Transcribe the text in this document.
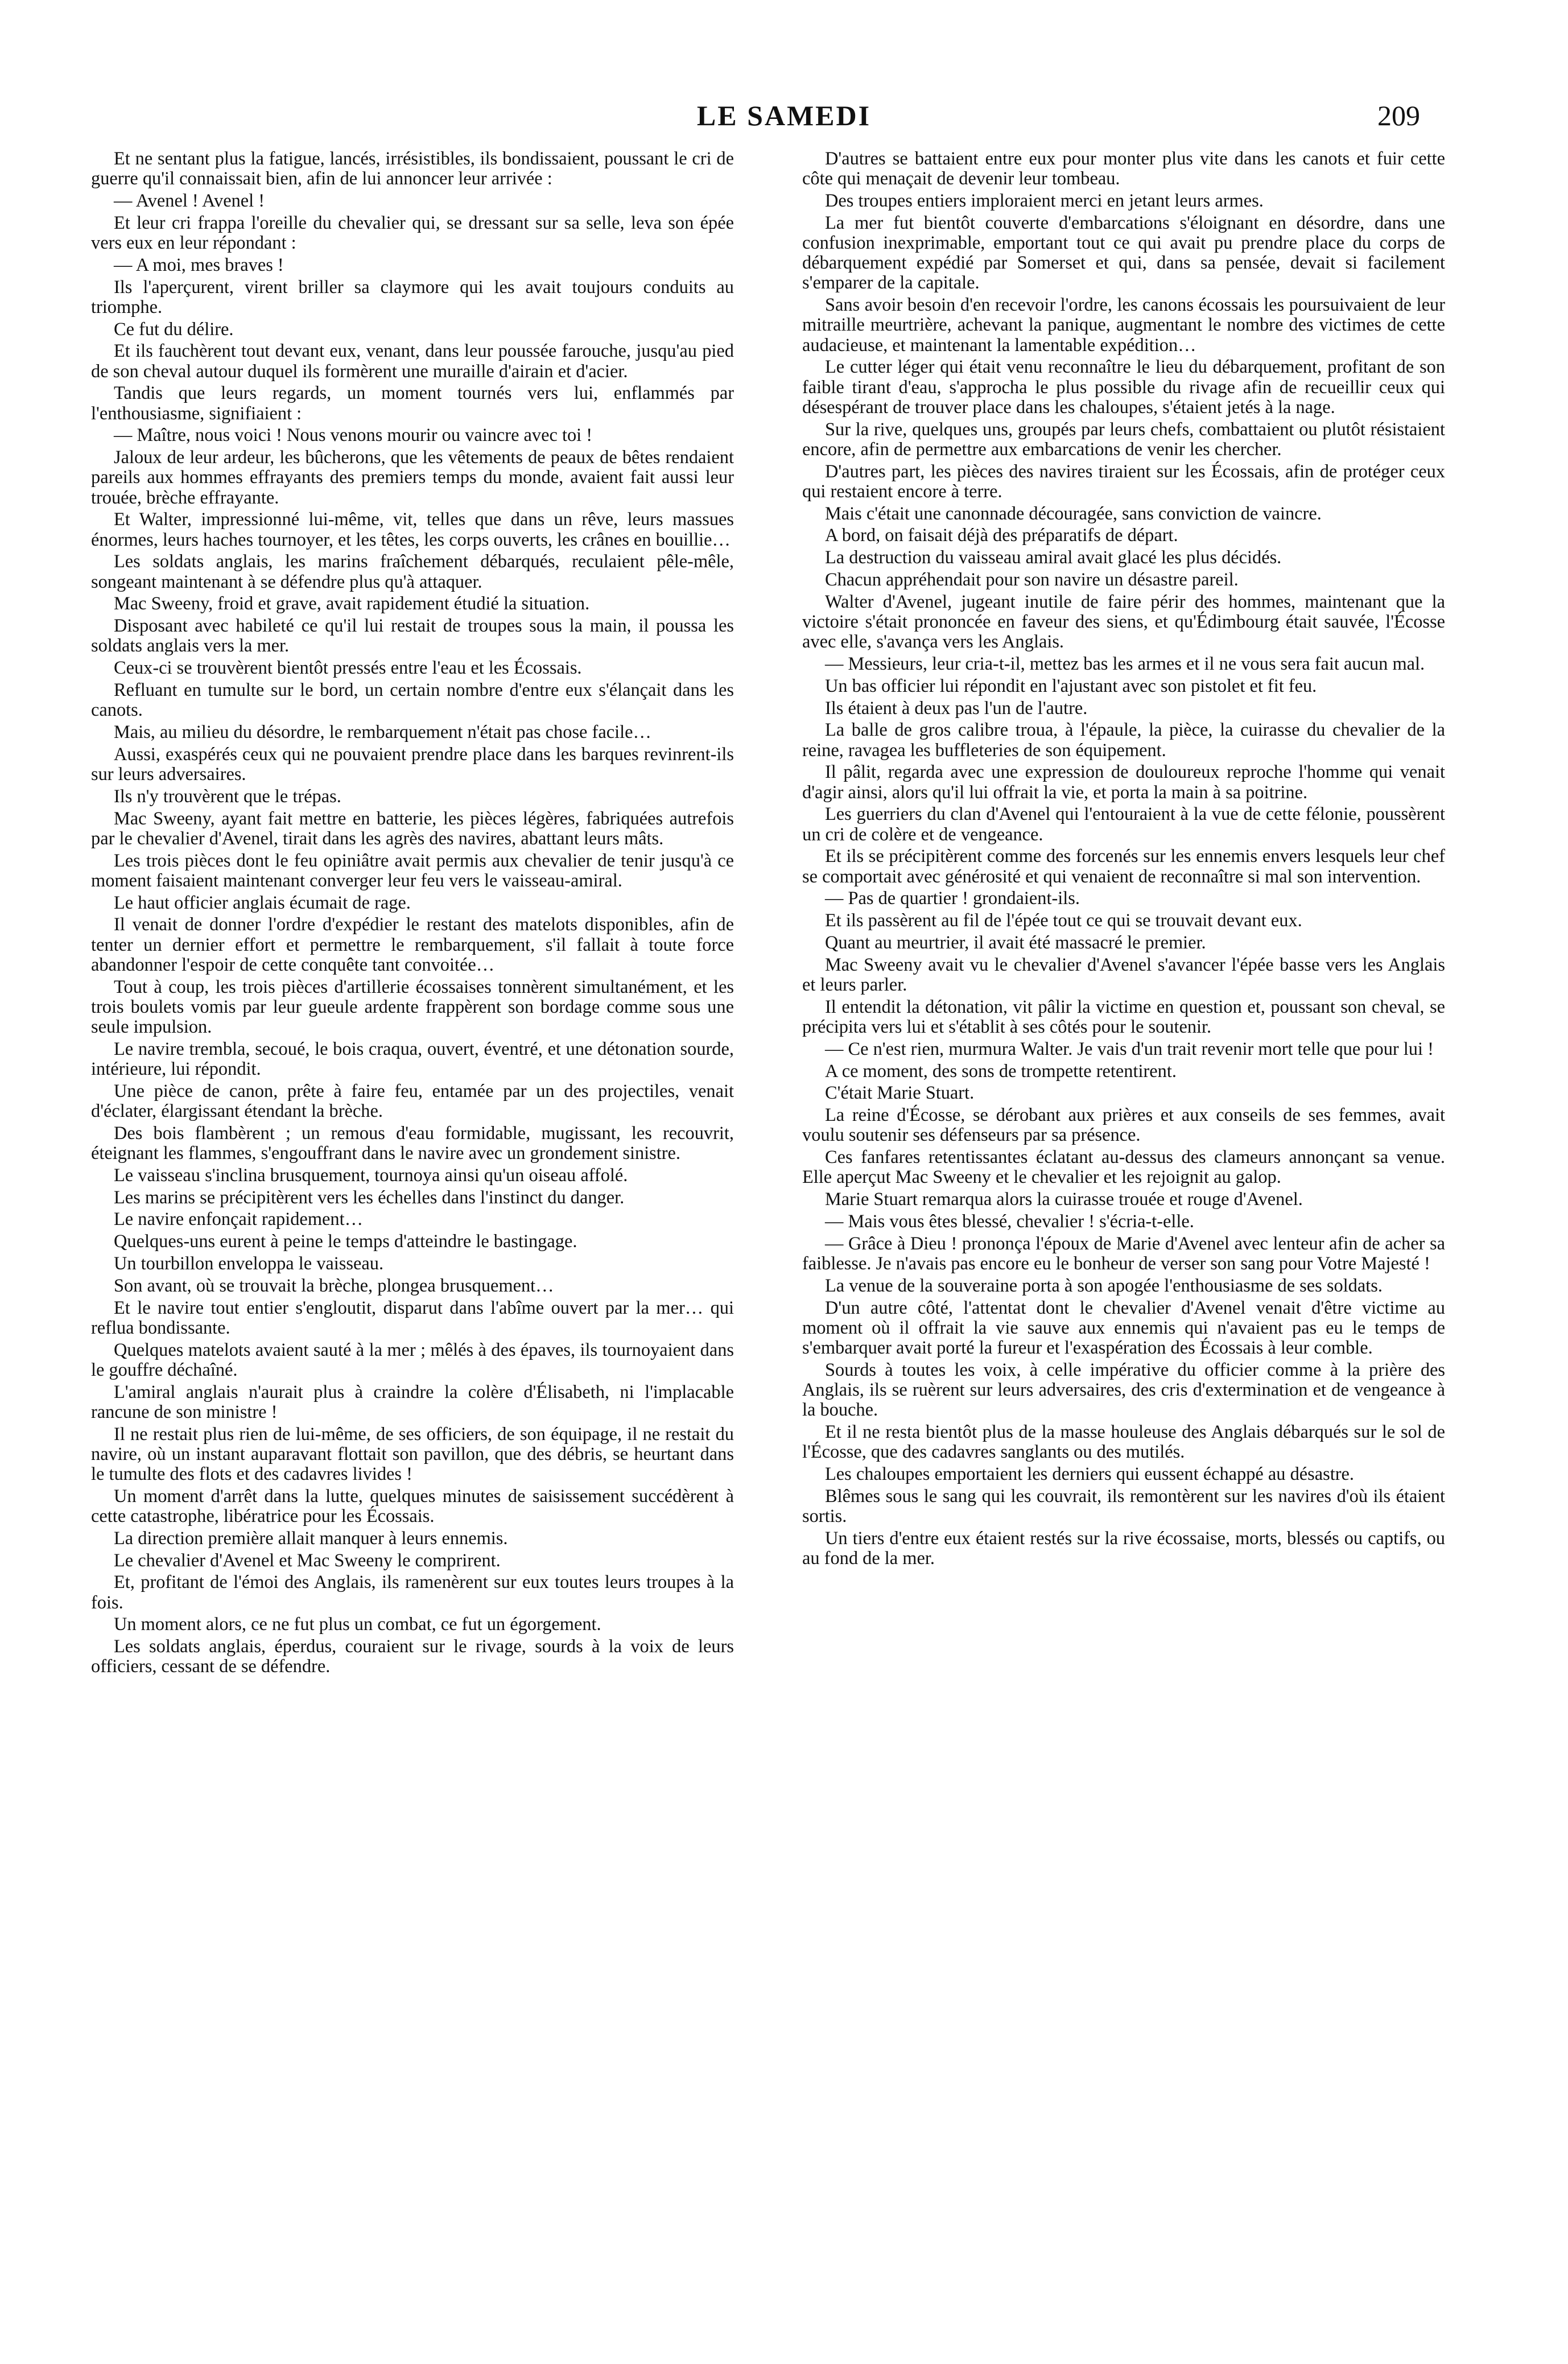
LE SAMEDI	209

Et ne sentant plus la fatigue, lancés, irrésistibles, ils bondissaient, poussant le cri de guerre qu'il connaissait bien, afin de lui annoncer leur arrivée :

— Avenel ! Avenel !

Et leur cri frappa l'oreille du chevalier qui, se dressant sur sa selle, leva son épée vers eux en leur répondant :

— A moi, mes braves !

Ils l'aperçurent, virent briller sa claymore qui les avait toujours conduits au triomphe.

Ce fut du délire.

Et ils fauchèrent tout devant eux, venant, dans leur poussée farouche, jusqu'au pied de son cheval autour duquel ils formèrent une muraille d'airain et d'acier.

Tandis que leurs regards, un moment tournés vers lui, enflammés par l'enthousiasme, signifiaient :

— Maître, nous voici ! Nous venons mourir ou vaincre avec toi !

Jaloux de leur ardeur, les bûcherons, que les vêtements de peaux de bêtes rendaient pareils aux hommes effrayants des premiers temps du monde, avaient fait aussi leur trouée, brèche effrayante.

Et Walter, impressionné lui-même, vit, telles que dans un rêve, leurs massues énormes, leurs haches tournoyer, et les têtes, les corps ouverts, les crânes en bouillie…

Les soldats anglais, les marins fraîchement débarqués, reculaient pêle-mêle, songeant maintenant à se défendre plus qu'à attaquer.

Mac Sweeny, froid et grave, avait rapidement étudié la situation.

Disposant avec habileté ce qu'il lui restait de troupes sous la main, il poussa les soldats anglais vers la mer.

Ceux-ci se trouvèrent bientôt pressés entre l'eau et les Écossais.

Refluant en tumulte sur le bord, un certain nombre d'entre eux s'élançait dans les canots.

Mais, au milieu du désordre, le rembarquement n'était pas chose facile…

Aussi, exaspérés ceux qui ne pouvaient prendre place dans les barques revinrent-ils sur leurs adversaires.

Ils n'y trouvèrent que le trépas.

Mac Sweeny, ayant fait mettre en batterie, les pièces légères, fabriquées autrefois par le chevalier d'Avenel, tirait dans les agrès des navires, abattant leurs mâts.

Les trois pièces dont le feu opiniâtre avait permis aux chevalier de tenir jusqu'à ce moment faisaient maintenant converger leur feu vers le vaisseau-amiral.

Le haut officier anglais écumait de rage.

Il venait de donner l'ordre d'expédier le restant des matelots disponibles, afin de tenter un dernier effort et permettre le rembarquement, s'il fallait à toute force abandonner l'espoir de cette conquête tant convoitée…

Tout à coup, les trois pièces d'artillerie écossaises tonnèrent simultanément, et les trois boulets vomis par leur gueule ardente frappèrent son bordage comme sous une seule impulsion.

Le navire trembla, secoué, le bois craqua, ouvert, éventré, et une détonation sourde, intérieure, lui répondit.

Une pièce de canon, prête à faire feu, entamée par un des projectiles, venait d'éclater, élargissant étendant la brèche.

Des bois flambèrent ; un remous d'eau formidable, mugissant, les recouvrit, éteignant les flammes, s'engouffrant dans le navire avec un grondement sinistre.

Le vaisseau s'inclina brusquement, tournoya ainsi qu'un oiseau affolé.

Les marins se précipitèrent vers les échelles dans l'instinct du danger.

Le navire enfonçait rapidement…

Quelques-uns eurent à peine le temps d'atteindre le bastingage.

Un tourbillon enveloppa le vaisseau.

Son avant, où se trouvait la brèche, plongea brusquement…

Et le navire tout entier s'engloutit, disparut dans l'abîme ouvert par la mer… qui reflua bondissante.

Quelques matelots avaient sauté à la mer ; mêlés à des épaves, ils tournoyaient dans le gouffre déchaîné.

L'amiral anglais n'aurait plus à craindre la colère d'Élisabeth, ni l'implacable rancune de son ministre !

Il ne restait plus rien de lui-même, de ses officiers, de son équipage, il ne restait du navire, où un instant auparavant flottait son pavillon, que des débris, se heurtant dans le tumulte des flots et des cadavres livides !

Un moment d'arrêt dans la lutte, quelques minutes de saisissement succédèrent à cette catastrophe, libératrice pour les Écossais.

La direction première allait manquer à leurs ennemis.

Le chevalier d'Avenel et Mac Sweeny le comprirent.

Et, profitant de l'émoi des Anglais, ils ramenèrent sur eux toutes leurs troupes à la fois.

Un moment alors, ce ne fut plus un combat, ce fut un égorgement.

Les soldats anglais, éperdus, couraient sur le rivage, sourds à la voix de leurs officiers, cessant de se défendre.

D'autres se battaient entre eux pour monter plus vite dans les canots et fuir cette côte qui menaçait de devenir leur tombeau.

Des troupes entiers imploraient merci en jetant leurs armes.

La mer fut bientôt couverte d'embarcations s'éloignant en désordre, dans une confusion inexprimable, emportant tout ce qui avait pu prendre place du corps de débarquement expédié par Somerset et qui, dans sa pensée, devait si facilement s'emparer de la capitale.

Sans avoir besoin d'en recevoir l'ordre, les canons écossais les poursuivaient de leur mitraille meurtrière, achevant la panique, augmentant le nombre des victimes de cette audacieuse, et maintenant la lamentable expédition…

Le cutter léger qui était venu reconnaître le lieu du débarquement, profitant de son faible tirant d'eau, s'approcha le plus possible du rivage afin de recueillir ceux qui désespérant de trouver place dans les chaloupes, s'étaient jetés à la nage.

Sur la rive, quelques uns, groupés par leurs chefs, combattaient ou plutôt résistaient encore, afin de permettre aux embarcations de venir les chercher.

D'autres part, les pièces des navires tiraient sur les Écossais, afin de protéger ceux qui restaient encore à terre.

Mais c'était une canonnade découragée, sans conviction de vaincre.

A bord, on faisait déjà des préparatifs de départ.

La destruction du vaisseau amiral avait glacé les plus décidés.

Chacun appréhendait pour son navire un désastre pareil.

Walter d'Avenel, jugeant inutile de faire périr des hommes, maintenant que la victoire s'était prononcée en faveur des siens, et qu'Édimbourg était sauvée, l'Écosse avec elle, s'avança vers les Anglais.

— Messieurs, leur cria-t-il, mettez bas les armes et il ne vous sera fait aucun mal.

Un bas officier lui répondit en l'ajustant avec son pistolet et fit feu.

Ils étaient à deux pas l'un de l'autre.

La balle de gros calibre troua, à l'épaule, la pièce, la cuirasse du chevalier de la reine, ravagea les buffleteries de son équipement.

Il pâlit, regarda avec une expression de douloureux reproche l'homme qui venait d'agir ainsi, alors qu'il lui offrait la vie, et porta la main à sa poitrine.

Les guerriers du clan d'Avenel qui l'entouraient à la vue de cette félonie, poussèrent un cri de colère et de vengeance.

Et ils se précipitèrent comme des forcenés sur les ennemis envers lesquels leur chef se comportait avec générosité et qui venaient de reconnaître si mal son intervention.

— Pas de quartier ! grondaient-ils.

Et ils passèrent au fil de l'épée tout ce qui se trouvait devant eux.

Quant au meurtrier, il avait été massacré le premier.

Mac Sweeny avait vu le chevalier d'Avenel s'avancer l'épée basse vers les Anglais et leurs parler.

Il entendit la détonation, vit pâlir la victime en question et, poussant son cheval, se précipita vers lui et s'établit à ses côtés pour le soutenir.

— Ce n'est rien, murmura Walter. Je vais d'un trait revenir mort telle que pour lui !

A ce moment, des sons de trompette retentirent.

C'était Marie Stuart.

La reine d'Écosse, se dérobant aux prières et aux conseils de ses femmes, avait voulu soutenir ses défenseurs par sa présence.

Ces fanfares retentissantes éclatant au-dessus des clameurs annonçant sa venue. Elle aperçut Mac Sweeny et le chevalier et les rejoignit au galop.

Marie Stuart remarqua alors la cuirasse trouée et rouge d'Avenel.

— Mais vous êtes blessé, chevalier ! s'écria-t-elle.

— Grâce à Dieu ! prononça l'époux de Marie d'Avenel avec lenteur afin de acher sa faiblesse. Je n'avais pas encore eu le bonheur de verser son sang pour Votre Majesté !

La venue de la souveraine porta à son apogée l'enthousiasme de ses soldats.

D'un autre côté, l'attentat dont le chevalier d'Avenel venait d'être victime au moment où il offrait la vie sauve aux ennemis qui n'avaient pas eu le temps de s'embarquer avait porté la fureur et l'exaspération des Écossais à leur comble.

Sourds à toutes les voix, à celle impérative du officier comme à la prière des Anglais, ils se ruèrent sur leurs adversaires, des cris d'extermination et de vengeance à la bouche.

Et il ne resta bientôt plus de la masse houleuse des Anglais débarqués sur le sol de l'Écosse, que des cadavres sanglants ou des mutilés.

Les chaloupes emportaient les derniers qui eussent échappé au désastre.

Blêmes sous le sang qui les couvrait, ils remontèrent sur les navires d'où ils étaient sortis.

Un tiers d'entre eux étaient restés sur la rive écossaise, morts, blessés ou captifs, ou au fond de la mer.
